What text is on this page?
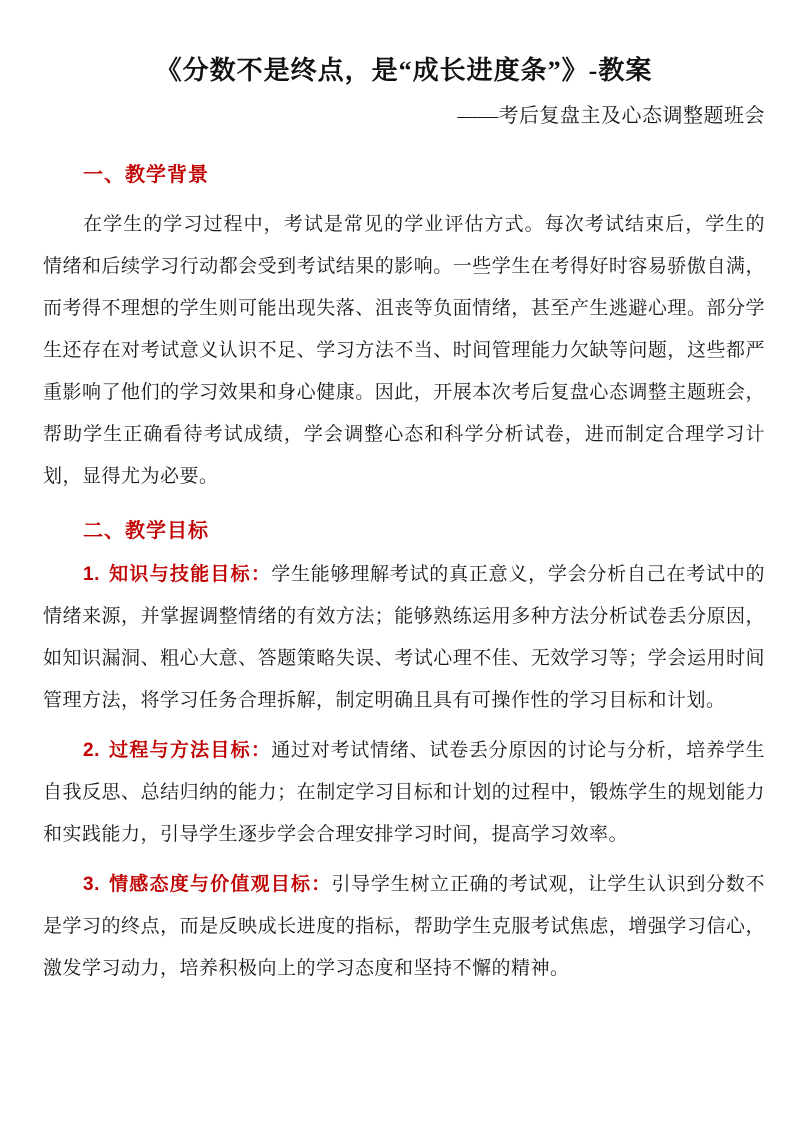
《分数不是终点，是“成长进度条”》-教案

——考后复盘主及心态调整题班会

一、教学背景

在学生的学习过程中，考试是常见的学业评估方式。每次考试结束后，学生的情绪和后续学习行动都会受到考试结果的影响。一些学生在考得好时容易骄傲自满，而考得不理想的学生则可能出现失落、沮丧等负面情绪，甚至产生逃避心理。部分学生还存在对考试意义认识不足、学习方法不当、时间管理能力欠缺等问题，这些都严重影响了他们的学习效果和身心健康。因此，开展本次考后复盘心态调整主题班会，帮助学生正确看待考试成绩，学会调整心态和科学分析试卷，进而制定合理学习计划，显得尤为必要。

二、教学目标

1. 知识与技能目标：学生能够理解考试的真正意义，学会分析自己在考试中的情绪来源，并掌握调整情绪的有效方法；能够熟练运用多种方法分析试卷丢分原因，如知识漏洞、粗心大意、答题策略失误、考试心理不佳、无效学习等；学会运用时间管理方法，将学习任务合理拆解，制定明确且具有可操作性的学习目标和计划。

2. 过程与方法目标：通过对考试情绪、试卷丢分原因的讨论与分析，培养学生自我反思、总结归纳的能力；在制定学习目标和计划的过程中，锻炼学生的规划能力和实践能力，引导学生逐步学会合理安排学习时间，提高学习效率。

3. 情感态度与价值观目标：引导学生树立正确的考试观，让学生认识到分数不是学习的终点，而是反映成长进度的指标，帮助学生克服考试焦虑，增强学习信心，激发学习动力，培养积极向上的学习态度和坚持不懈的精神。
